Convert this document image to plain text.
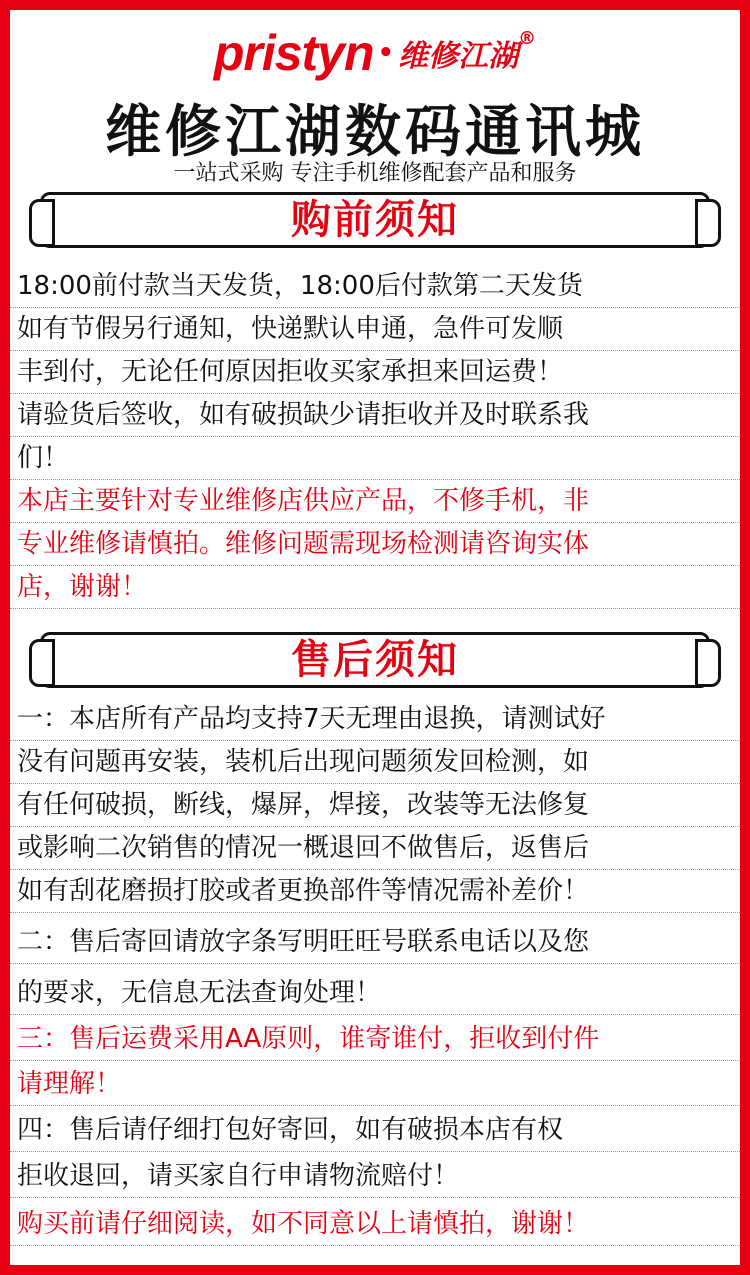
pristyn • 维修江湖®
维修江湖数码通讯城
一站式采购 专注手机维修配套产品和服务
购前须知
18:00前付款当天发货，18:00后付款第二天发货
如有节假另行通知，快递默认申通，急件可发顺
丰到付，无论任何原因拒收买家承担来回运费！
请验货后签收，如有破损缺少请拒收并及时联系我
们！
本店主要针对专业维修店供应产品，不修手机，非
专业维修请慎拍。维修问题需现场检测请咨询实体
店，谢谢！
售后须知
一：本店所有产品均支持7天无理由退换，请测试好
没有问题再安装，装机后出现问题须发回检测，如
有任何破损，断线，爆屏，焊接，改装等无法修复
或影响二次销售的情况一概退回不做售后，返售后
如有刮花磨损打胶或者更换部件等情况需补差价！
二：售后寄回请放字条写明旺旺号联系电话以及您
的要求，无信息无法查询处理！
三：售后运费采用AA原则，谁寄谁付，拒收到付件
请理解！
四：售后请仔细打包好寄回，如有破损本店有权
拒收退回，请买家自行申请物流赔付！
购买前请仔细阅读，如不同意以上请慎拍，谢谢！
